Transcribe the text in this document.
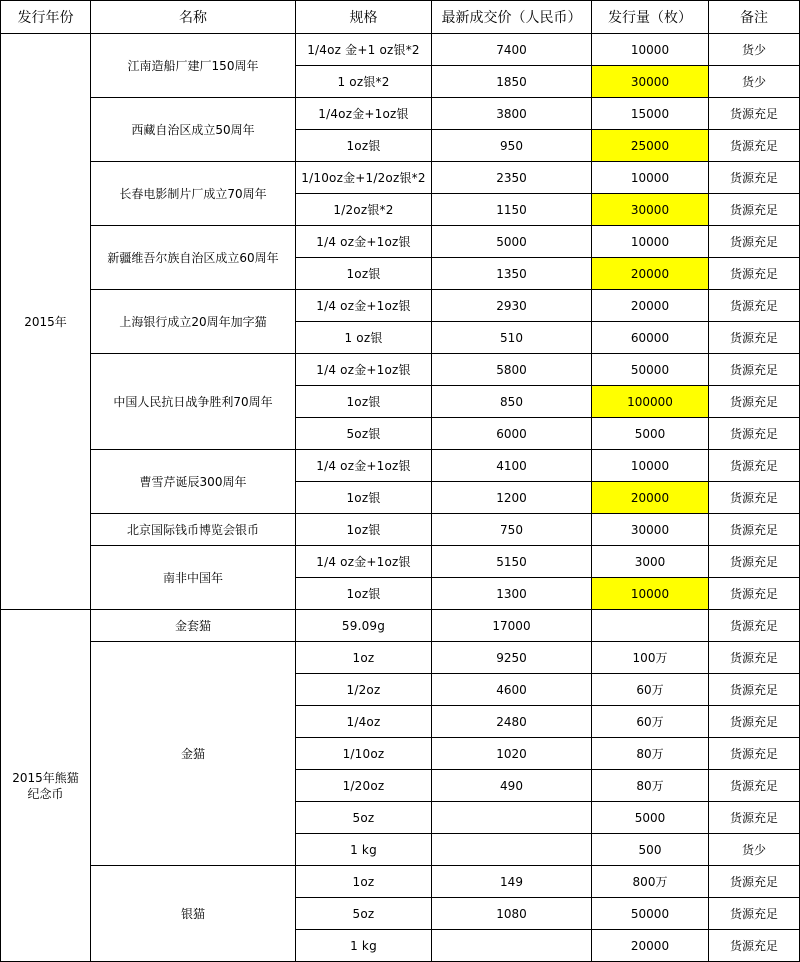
发行年份	名称	规格	最新成交价（人民币）	发行量（枚）	备注
2015年	江南造船厂建厂150周年	1/4oz 金+1 oz银*2	7400	10000	货少
		1 oz银*2	1850	30000	货少
	西藏自治区成立50周年	1/4oz金+1oz银	3800	15000	货源充足
		1oz银	950	25000	货源充足
	长春电影制片厂成立70周年	1/10oz金+1/2oz银*2	2350	10000	货源充足
		1/2oz银*2	1150	30000	货源充足
	新疆维吾尔族自治区成立60周年	1/4 oz金+1oz银	5000	10000	货源充足
		1oz银	1350	20000	货源充足
	上海银行成立20周年加字猫	1/4 oz金+1oz银	2930	20000	货源充足
		1 oz银	510	60000	货源充足
	中国人民抗日战争胜利70周年	1/4 oz金+1oz银	5800	50000	货源充足
		1oz银	850	100000	货源充足
		5oz银	6000	5000	货源充足
	曹雪芹诞辰300周年	1/4 oz金+1oz银	4100	10000	货源充足
		1oz银	1200	20000	货源充足
	北京国际钱币博览会银币	1oz银	750	30000	货源充足
	南非中国年	1/4 oz金+1oz银	5150	3000	货源充足
		1oz银	1300	10000	货源充足
2015年熊猫
纪念币	金套猫	59.09g	17000		货源充足
	金猫	1oz	9250	100万	货源充足
		1/2oz	4600	60万	货源充足
		1/4oz	2480	60万	货源充足
		1/10oz	1020	80万	货源充足
		1/20oz	490	80万	货源充足
		5oz		5000	货源充足
		1 kg		500	货少
	银猫	1oz	149	800万	货源充足
		5oz	1080	50000	货源充足
		1 kg		20000	货源充足
